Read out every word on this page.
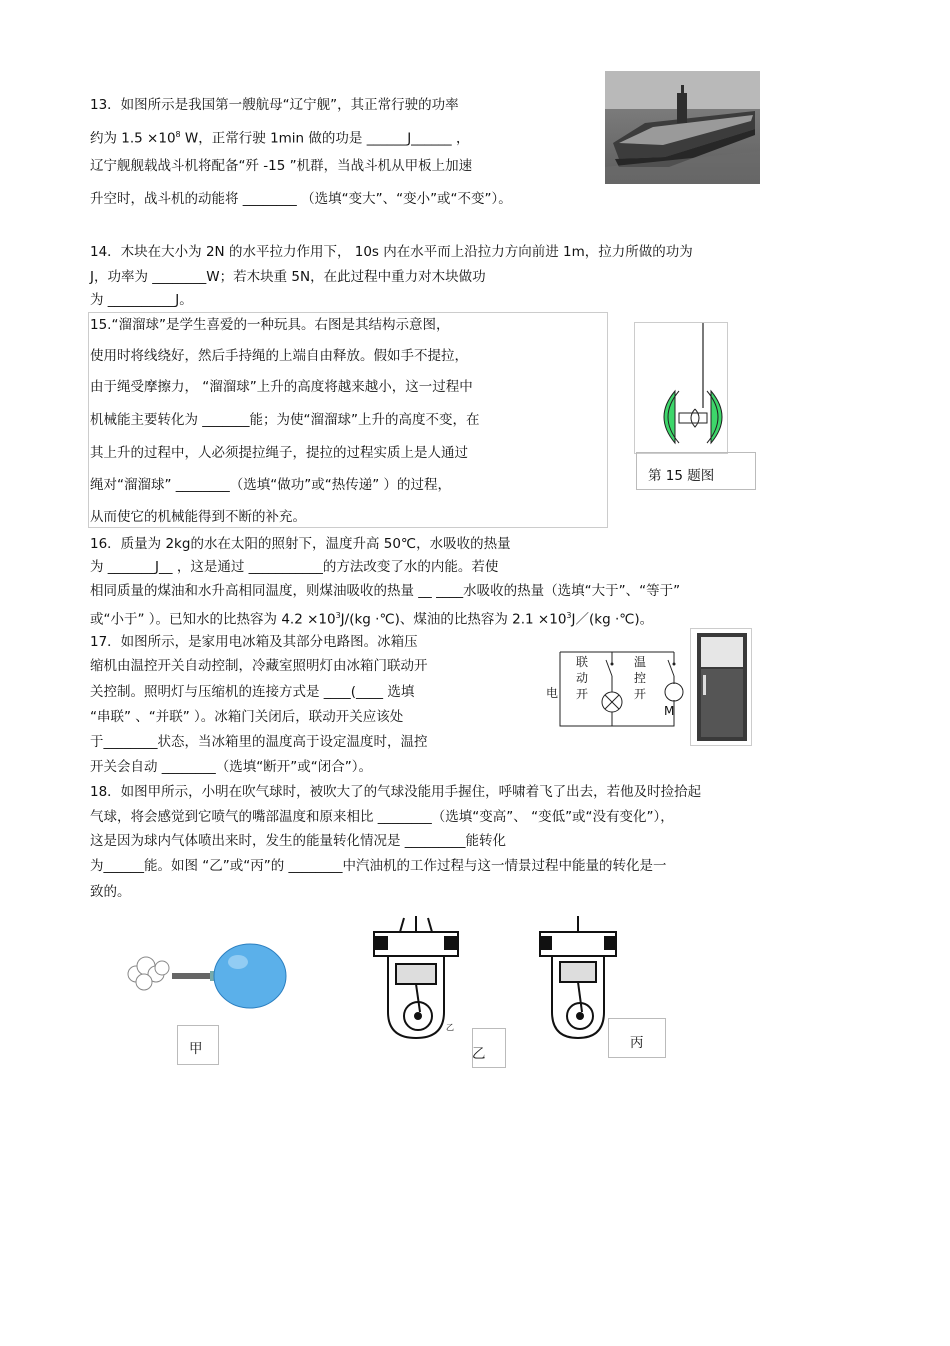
13．如图所示是我国第一艘航母“辽宁舰”，其正常行驶的功率
约为 $1.5 \times 10^8$ W，正常行驶 1min 做的功是 ______J______ ，
辽宁舰舰载战斗机将配备“歼 -15 ”机群，当战斗机从甲板上加速
升空时，战斗机的动能将 ________ （选填“变大”、“变小”或“不变”）。
14．木块在大小为 2N 的水平拉力作用下， 10s 内在水平而上沿拉力方向前进 1m，拉力所做的功为
J，功率为 ________W；若木块重 5N，在此过程中重力对木块做功
为 __________J。
15.“溜溜球”是学生喜爱的一种玩具。右图是其结构示意图，
使用时将线绕好，然后手持绳的上端自由释放。假如手不提拉，
由于绳受摩擦力， “溜溜球”上升的高度将越来越小，这一过程中
机械能主要转化为 _______能；为使“溜溜球”上升的高度不变，在
其上升的过程中，人必须提拉绳子，提拉的过程实质上是人通过
绳对“溜溜球” ________（选填“做功”或“热传递” ）的过程，
从而使它的机械能得到不断的补充。
第 15 题图
16．质量为 2kg的水在太阳的照射下，温度升高 50℃，水吸收的热量
为 _______J__ ，这是通过 ___________的方法改变了水的内能。若使
相同质量的煤油和水升高相同温度，则煤油吸收的热量 __ ____水吸收的热量（选填“大于”、“等于”
或“小于” ）。已知水的比热容为 $4.2 \times 10^3J/(kg$ ·℃)、煤油的比热容为 $2.1 \times 10^3J/(kg$ ·℃)。
17．如图所示，是家用电冰箱及其部分电路图。冰箱压
缩机由温控开关自动控制，冷藏室照明灯由冰箱门联动开
关控制。照明灯与压缩机的连接方式是 ____(____ 选填
“串联” 、“并联” ）。冰箱门关闭后，联动开关应该处
于________状态，当冰箱里的温度高于设定温度时，温控
开关会自动 ________（选填“断开”或“闭合”）。
电
联
动
开
温
控
开
M
18．如图甲所示，小明在吹气球时，被吹大了的气球没能用手握住，呼啸着飞了出去，若他及时捡拾起
气球，将会感觉到它喷气的嘴部温度和原来相比 ________（选填“变高”、 “变低”或“没有变化”），
这是因为球内气体喷出来时，发生的能量转化情况是 _________能转化
为______能。如图 “乙”或“丙”的 ________中汽油机的工作过程与这一情景过程中能量的转化是一
致的。
甲
乙
乙
丙
